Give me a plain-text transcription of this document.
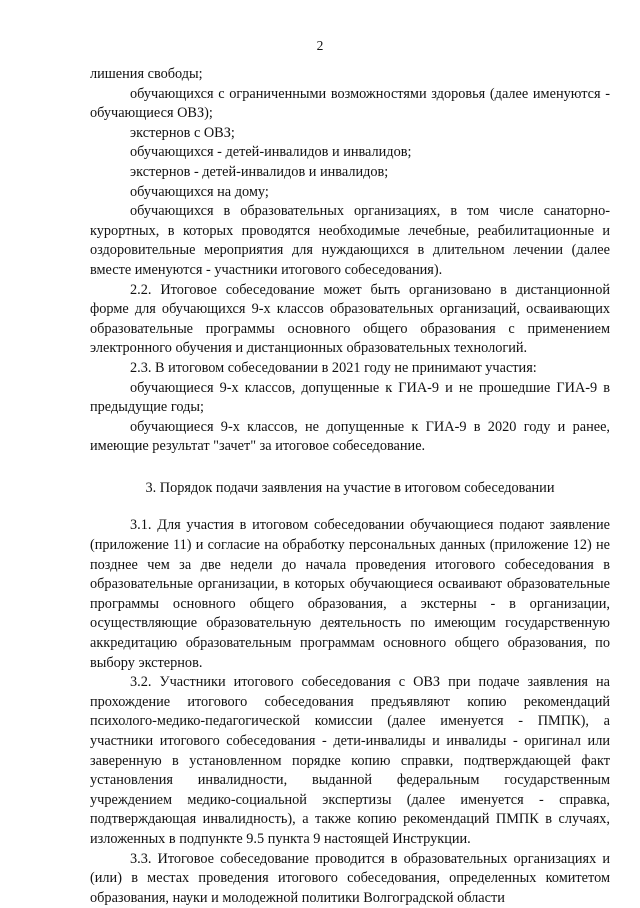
2

лишения свободы;

обучающихся с ограниченными возможностями здоровья (далее именуются - обучающиеся ОВЗ);

экстернов с ОВЗ;

обучающихся - детей-инвалидов и инвалидов;

экстернов - детей-инвалидов и инвалидов;

обучающихся на дому;

обучающихся в образовательных организациях, в том числе санаторно-курортных, в которых проводятся необходимые лечебные, реабилитационные и оздоровительные мероприятия для нуждающихся в длительном лечении (далее вместе именуются - участники итогового собеседования).

2.2. Итоговое собеседование может быть организовано в дистанционной форме для обучающихся 9-х классов образовательных организаций, осваивающих образовательные программы основного общего образования с применением электронного обучения и дистанционных образовательных технологий.

2.3. В итоговом собеседовании в 2021 году не принимают участия:

обучающиеся 9-х классов, допущенные к ГИА-9 и не прошедшие ГИА-9 в предыдущие годы;

обучающиеся 9-х классов, не допущенные к ГИА-9 в 2020 году и ранее, имеющие результат "зачет" за итоговое собеседование.

3. Порядок подачи заявления на участие в итоговом собеседовании

3.1. Для участия в итоговом собеседовании обучающиеся подают заявление (приложение 11) и согласие на обработку персональных данных (приложение 12) не позднее чем за две недели до начала проведения итогового собеседования в образовательные организации, в которых обучающиеся осваивают образовательные программы основного общего образования, а экстерны - в организации, осуществляющие образовательную деятельность по имеющим государственную аккредитацию образовательным программам основного общего образования, по выбору экстернов.

3.2. Участники итогового собеседования с ОВЗ при подаче заявления на прохождение итогового собеседования предъявляют копию рекомендаций психолого-медико-педагогической комиссии (далее именуется - ПМПК), а участники итогового собеседования - дети-инвалиды и инвалиды - оригинал или заверенную в установленном порядке копию справки, подтверждающей факт установления инвалидности, выданной федеральным государственным учреждением медико-социальной экспертизы (далее именуется - справка, подтверждающая инвалидность), а также копию рекомендаций ПМПК в случаях, изложенных в подпункте 9.5 пункта 9 настоящей Инструкции.

3.3. Итоговое собеседование проводится в образовательных организациях и (или) в местах проведения итогового собеседования, определенных комитетом образования, науки и молодежной политики Волгоградской области
